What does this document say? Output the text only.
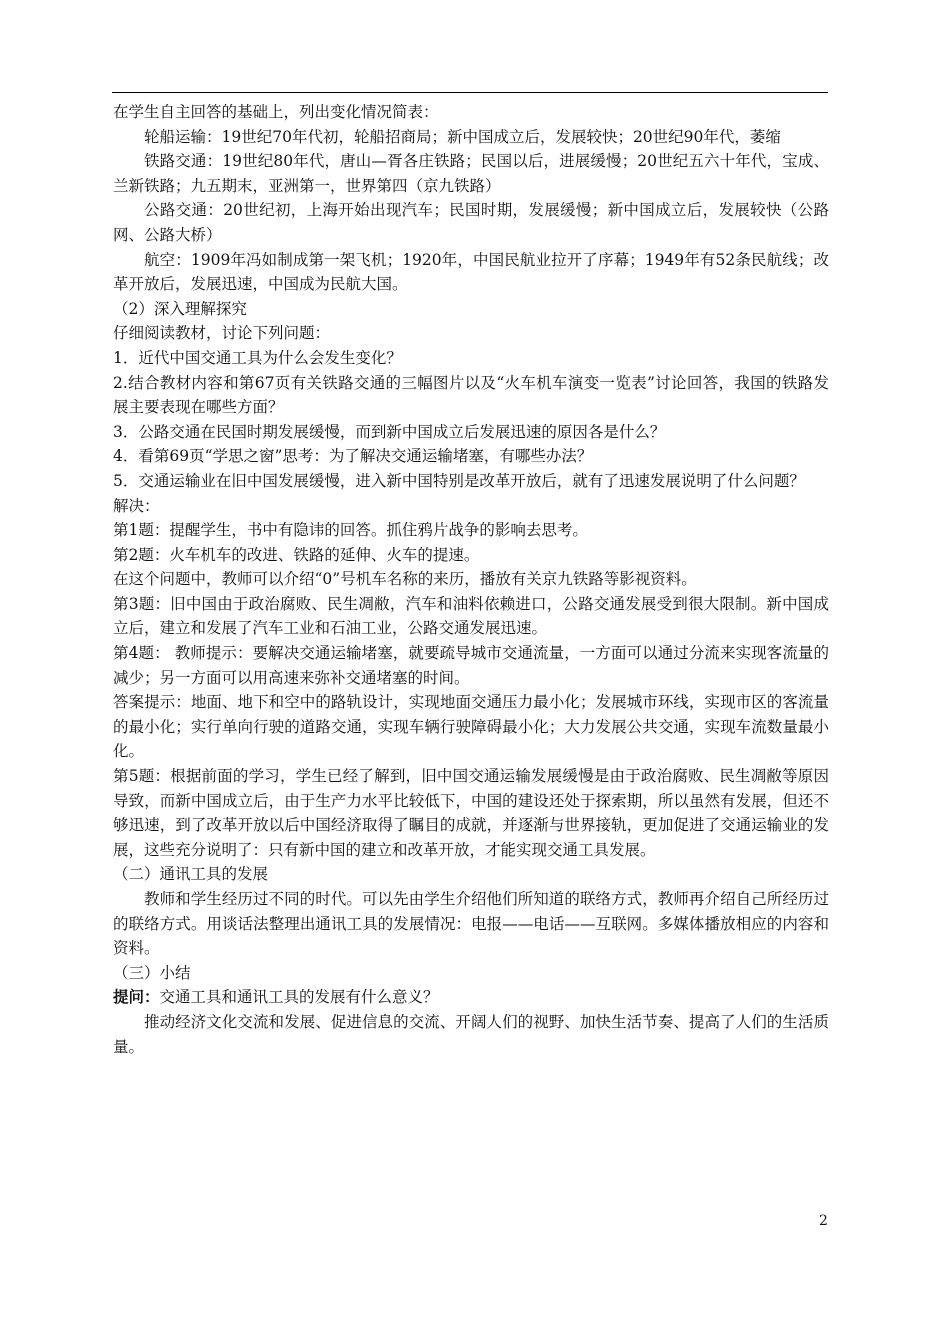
在学生自主回答的基础上，列出变化情况简表：

轮船运输：19世纪70年代初，轮船招商局；新中国成立后，发展较快；20世纪90年代，萎缩

铁路交通：19世纪80年代，唐山—胥各庄铁路；民国以后，进展缓慢；20世纪五六十年代，宝成、兰新铁路；九五期末，亚洲第一，世界第四（京九铁路）

公路交通：20世纪初，上海开始出现汽车；民国时期，发展缓慢；新中国成立后，发展较快（公路网、公路大桥）

航空：1909年冯如制成第一架飞机；1920年，中国民航业拉开了序幕；1949年有52条民航线；改革开放后，发展迅速，中国成为民航大国。

（2）深入理解探究

仔细阅读教材，讨论下列问题：

1．近代中国交通工具为什么会发生变化？

2.结合教材内容和第67页有关铁路交通的三幅图片以及“火车机车演变一览表”讨论回答，我国的铁路发展主要表现在哪些方面？

3．公路交通在民国时期发展缓慢，而到新中国成立后发展迅速的原因各是什么？

4．看第69页“学思之窗”思考：为了解决交通运输堵塞，有哪些办法？

5．交通运输业在旧中国发展缓慢，进入新中国特别是改革开放后，就有了迅速发展说明了什么问题？

解决：

第1题：提醒学生，书中有隐讳的回答。抓住鸦片战争的影响去思考。

第2题：火车机车的改进、铁路的延伸、火车的提速。

在这个问题中，教师可以介绍“0”号机车名称的来历，播放有关京九铁路等影视资料。

第3题：旧中国由于政治腐败、民生凋敝，汽车和油料依赖进口，公路交通发展受到很大限制。新中国成立后，建立和发展了汽车工业和石油工业，公路交通发展迅速。

第4题： 教师提示：要解决交通运输堵塞，就要疏导城市交通流量，一方面可以通过分流来实现客流量的减少；另一方面可以用高速来弥补交通堵塞的时间。

答案提示：地面、地下和空中的路轨设计，实现地面交通压力最小化；发展城市环线，实现市区的客流量的最小化；实行单向行驶的道路交通，实现车辆行驶障碍最小化；大力发展公共交通，实现车流数量最小化。

第5题：根据前面的学习，学生已经了解到，旧中国交通运输发展缓慢是由于政治腐败、民生凋敝等原因导致，而新中国成立后，由于生产力水平比较低下，中国的建设还处于探索期，所以虽然有发展，但还不够迅速，到了改革开放以后中国经济取得了瞩目的成就，并逐渐与世界接轨，更加促进了交通运输业的发展，这些充分说明了：只有新中国的建立和改革开放，才能实现交通工具发展。

（二）通讯工具的发展

教师和学生经历过不同的时代。可以先由学生介绍他们所知道的联络方式，教师再介绍自己所经历过的联络方式。用谈话法整理出通讯工具的发展情况：电报——电话——互联网。多媒体播放相应的内容和资料。

（三）小结

提问：交通工具和通讯工具的发展有什么意义？

推动经济文化交流和发展、促进信息的交流、开阔人们的视野、加快生活节奏、提高了人们的生活质量。

2
